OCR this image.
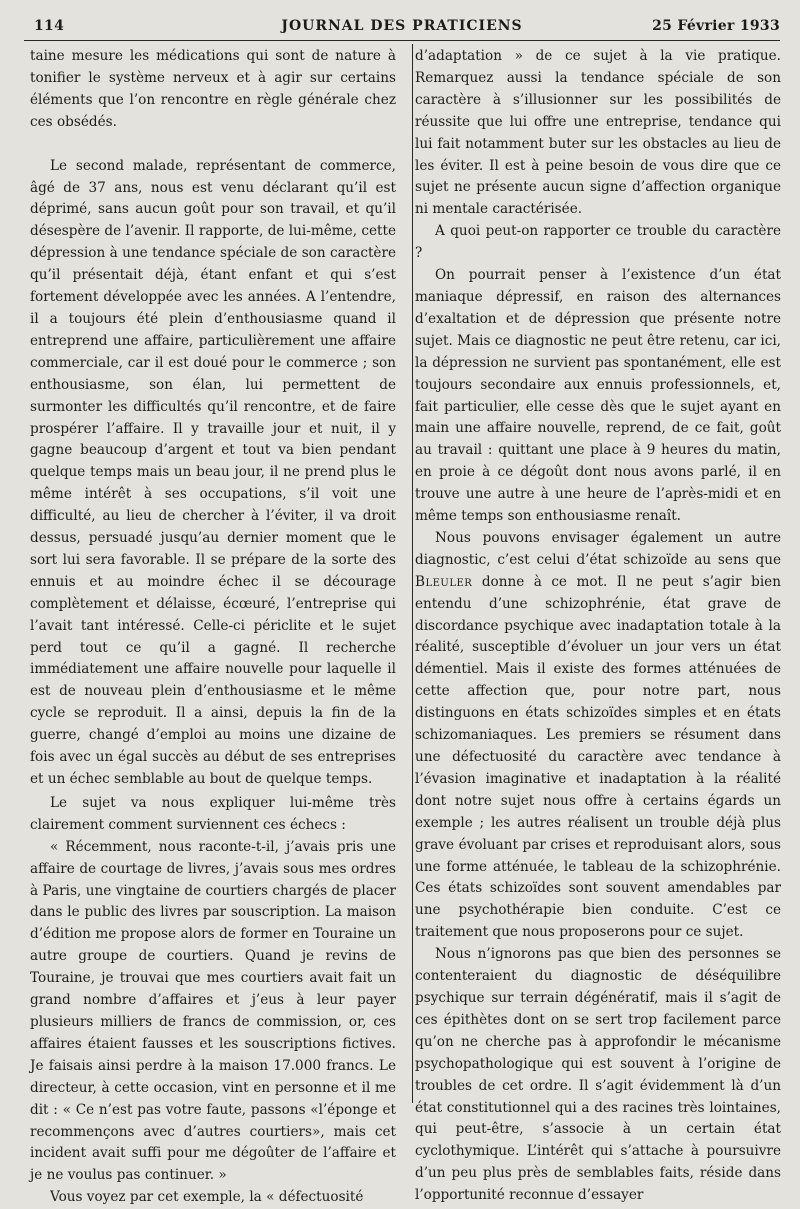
114	JOURNAL DES PRATICIENS	25 Février 1933

taine mesure les médications qui sont de nature à tonifier le système nerveux et à agir sur certains éléments que l’on rencontre en règle générale chez ces obsédés.

Le second malade, représentant de commerce, âgé de 37 ans, nous est venu déclarant qu’il est déprimé, sans aucun goût pour son travail, et qu’il désespère de l’avenir. Il rapporte, de lui-même, cette dépression à une tendance spéciale de son caractère qu’il présentait déjà, étant enfant et qui s’est fortement développée avec les années. A l’entendre, il a toujours été plein d’enthousiasme quand il entreprend une affaire, particulièrement une affaire commerciale, car il est doué pour le commerce ; son enthousiasme, son élan, lui permettent de surmonter les difficultés qu’il rencontre, et de faire prospérer l’affaire. Il y travaille jour et nuit, il y gagne beaucoup d’argent et tout va bien pendant quelque temps mais un beau jour, il ne prend plus le même intérêt à ses occupations, s’il voit une difficulté, au lieu de chercher à l’éviter, il va droit dessus, persuadé jusqu’au dernier moment que le sort lui sera favorable. Il se prépare de la sorte des ennuis et au moindre échec il se décourage complètement et délaisse, écœuré, l’entreprise qui l’avait tant intéressé. Celle-ci périclite et le sujet perd tout ce qu’il a gagné. Il recherche immédiatement une affaire nouvelle pour laquelle il est de nouveau plein d’enthousiasme et le même cycle se reproduit. Il a ainsi, depuis la fin de la guerre, changé d’emploi au moins une dizaine de fois avec un égal succès au début de ses entreprises et un échec semblable au bout de quelque temps.

Le sujet va nous expliquer lui-même très clairement comment surviennent ces échecs :

« Récemment, nous raconte-t-il, j’avais pris une affaire de courtage de livres, j’avais sous mes ordres à Paris, une vingtaine de courtiers chargés de placer dans le public des livres par souscription. La maison d’édition me propose alors de former en Touraine un autre groupe de courtiers. Quand je revins de Touraine, je trouvai que mes courtiers avait fait un grand nombre d’affaires et j’eus à leur payer plusieurs milliers de francs de commission, or, ces affaires étaient fausses et les souscriptions fictives. Je faisais ainsi perdre à la maison 17.000 francs. Le directeur, à cette occasion, vint en personne et il me dit : « Ce n’est pas votre faute, passons «l’éponge et recommençons avec d’autres courtiers», mais cet incident avait suffi pour me dégoûter de l’affaire et je ne voulus pas continuer. »

Vous voyez par cet exemple, la « défectuosité

d’adaptation » de ce sujet à la vie pratique. Remarquez aussi la tendance spéciale de son caractère à s’illusionner sur les possibilités de réussite que lui offre une entreprise, tendance qui lui fait notamment buter sur les obstacles au lieu de les éviter. Il est à peine besoin de vous dire que ce sujet ne présente aucun signe d’affection organique ni mentale caractérisée.

A quoi peut-on rapporter ce trouble du caractère ?

On pourrait penser à l’existence d’un état maniaque dépressif, en raison des alternances d’exaltation et de dépression que présente notre sujet. Mais ce diagnostic ne peut être retenu, car ici, la dépression ne survient pas spontanément, elle est toujours secondaire aux ennuis professionnels, et, fait particulier, elle cesse dès que le sujet ayant en main une affaire nouvelle, reprend, de ce fait, goût au travail : quittant une place à 9 heures du matin, en proie à ce dégoût dont nous avons parlé, il en trouve une autre à une heure de l’après-midi et en même temps son enthousiasme renaît.

Nous pouvons envisager également un autre diagnostic, c’est celui d’état schizoïde au sens que Bleuler donne à ce mot. Il ne peut s’agir bien entendu d’une schizophrénie, état grave de discordance psychique avec inadaptation totale à la réalité, susceptible d’évoluer un jour vers un état démentiel. Mais il existe des formes atténuées de cette affection que, pour notre part, nous distinguons en états schizoïdes simples et en états schizomaniaques. Les premiers se résument dans une défectuosité du caractère avec tendance à l’évasion imaginative et inadaptation à la réalité dont notre sujet nous offre à certains égards un exemple ; les autres réalisent un trouble déjà plus grave évoluant par crises et reproduisant alors, sous une forme atténuée, le tableau de la schizophrénie. Ces états schizoïdes sont souvent amendables par une psychothérapie bien conduite. C’est ce traitement que nous proposerons pour ce sujet.

Nous n’ignorons pas que bien des personnes se contenteraient du diagnostic de déséquilibre psychique sur terrain dégénératif, mais il s’agit de ces épithètes dont on se sert trop facilement parce qu’on ne cherche pas à approfondir le mécanisme psychopathologique qui est souvent à l’origine de troubles de cet ordre. Il s’agit évidemment là d’un état constitutionnel qui a des racines très lointaines, qui peut-être, s’associe à un certain état cyclothymique. L’intérêt qui s’attache à poursuivre d’un peu plus près de semblables faits, réside dans l’opportunité reconnue d’essayer
